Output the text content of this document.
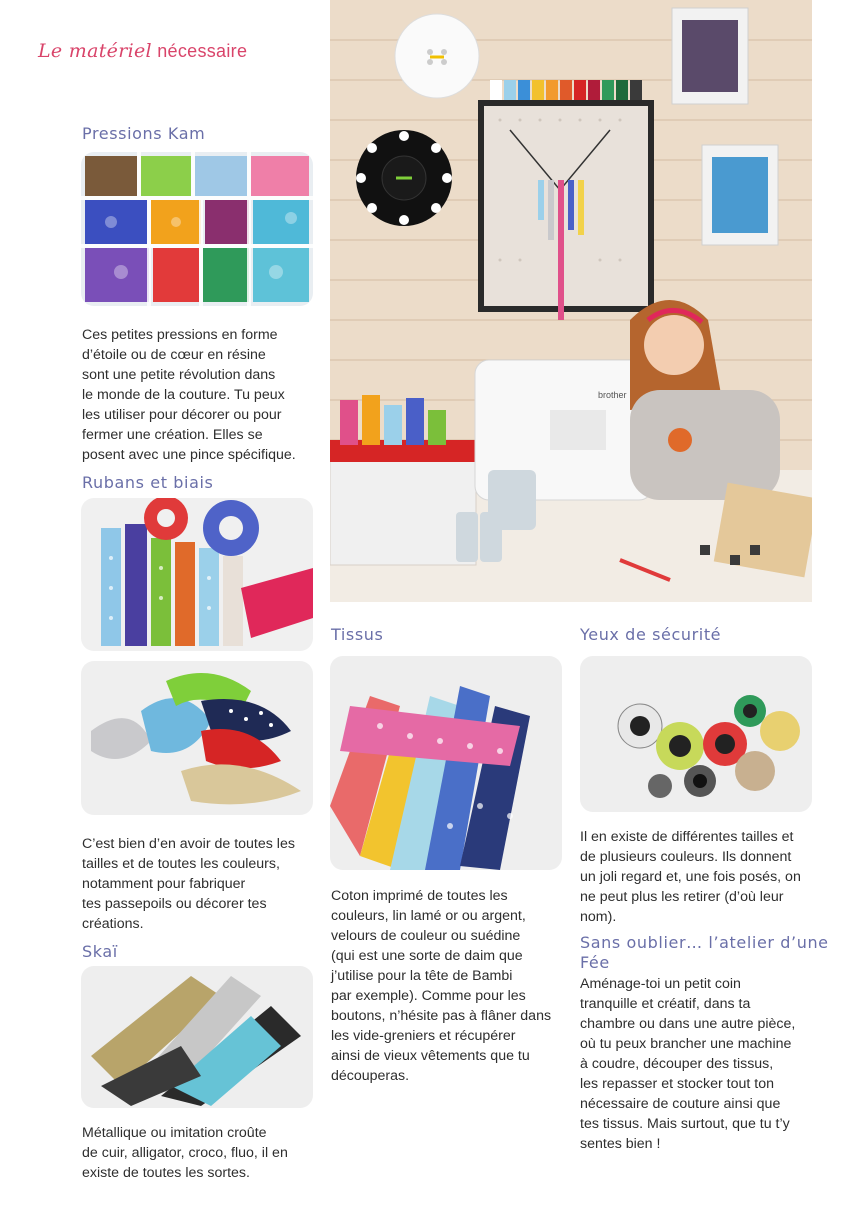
Le matériel nécessaire
Pressions Kam
Ces petites pressions en forme
d’étoile ou de cœur en résine
sont une petite révolution dans
le monde de la couture. Tu peux
les utiliser pour décorer ou pour
fermer une création. Elles se
posent avec une pince spécifique.
Rubans et biais
C’est bien d’en avoir de toutes les
tailles et de toutes les couleurs,
notamment pour fabriquer
tes passepoils ou décorer tes
créations.
Skaï
Métallique ou imitation croûte
de cuir, alligator, croco, fluo, il en
existe de toutes les sortes.
brother
Tissus
Coton imprimé de toutes les
couleurs, lin lamé or ou argent,
velours de couleur ou suédine
(qui est une sorte de daim que
j’utilise pour la tête de Bambi
par exemple). Comme pour les
boutons, n’hésite pas à flâner dans
les vide-greniers et récupérer
ainsi de vieux vêtements que tu
découperas.
Yeux de sécurité
Il en existe de différentes tailles et
de plusieurs couleurs. Ils donnent
un joli regard et, une fois posés, on
ne peut plus les retirer (d’où leur
nom).
Sans oublier… l’atelier d’une
Fée
Aménage-toi un petit coin
tranquille et créatif, dans ta
chambre ou dans une autre pièce,
où tu peux brancher une machine
à coudre, découper des tissus,
les repasser et stocker tout ton
nécessaire de couture ainsi que
tes tissus. Mais surtout, que tu t’y
sentes bien !
